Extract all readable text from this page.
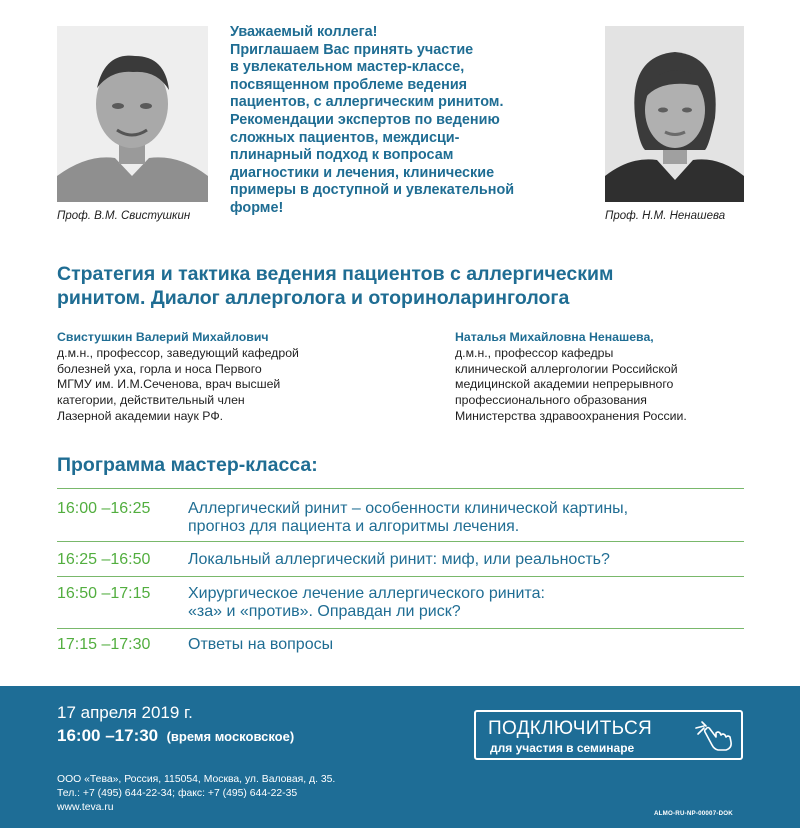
Проф. В.М. Свистушкин	Проф. Н.М. Ненашева
Уважаемый коллега!
Приглашаем Вас принять участие
в увлекательном мастер-классе,
посвященном проблеме ведения
пациентов, с аллергическим ринитом.
Рекомендации экспертов по ведению
сложных пациентов, междисци-
плинарный подход к вопросам
диагностики и лечения, клинические
примеры в доступной и увлекательной
форме!
Стратегия и тактика ведения пациентов с аллергическим
ринитом. Диалог аллерголога и оториноларинголога
Свистушкин Валерий Михайлович
д.м.н., профессор, заведующий кафедрой
болезней уха, горла и носа Первого
МГМУ им. И.М.Сеченова, врач высшей
категории, действительный член
Лазерной академии наук РФ.
Наталья Михайловна Ненашева,
д.м.н., профессор кафедры
клинической аллергологии Российской
медицинской академии непрерывного
профессионального образования
Министерства здравоохранения России.
Программа мастер-класса:
16:00 –16:25 Аллергический ринит – особенности клинической картины,
прогноз для пациента и алгоритмы лечения.
16:25 –16:50 Локальный аллергический ринит: миф, или реальность?
16:50 –17:15 Хирургическое лечение аллергического ринита:
«за» и «против». Оправдан ли риск?
17:15 –17:30 Ответы на вопросы
17 апреля 2019 г.
16:00 –17:30 (время московское)
ООО «Тева», Россия, 115054, Москва, ул. Валовая, д. 35.
Тел.: +7 (495) 644-22-34; факс: +7 (495) 644-22-35
www.teva.ru
ПОДКЛЮЧИТЬСЯ
для участия в семинаре
ALMO-RU-NP-00007-DOK
